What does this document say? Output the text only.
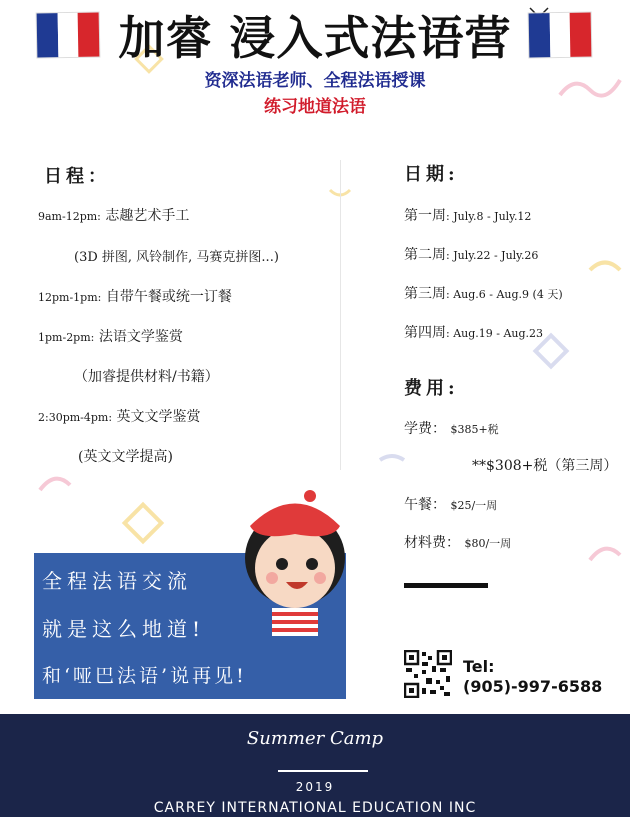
加睿 浸入式法语营
资深法语老师、全程法语授课
练习地道法语
日程：
9am-12pm: 志趣艺术手工
(3D 拼图, 风铃制作, 马赛克拼图...)
12pm-1pm: 自带午餐或统一订餐
1pm-2pm: 法语文学鉴赏
（加睿提供材料/书籍）
2:30pm-4pm: 英文文学鉴赏
(英文文学提高)
日期:
第一周: July.8 - July.12
第二周: July.22 - July.26
第三周: Aug.6 - Aug.9 (4 天)
第四周: Aug.19 - Aug.23
费用:
学费： $385+税
**$308+税（第三周）
午餐： $25/一周
材料费： $80/一周
全程法语交流
就是这么地道!
和‘哑巴法语’说再见!	Tel:
(905)-997-6588
Summer Camp
2019
CARREY INTERNATIONAL EDUCATION INC
